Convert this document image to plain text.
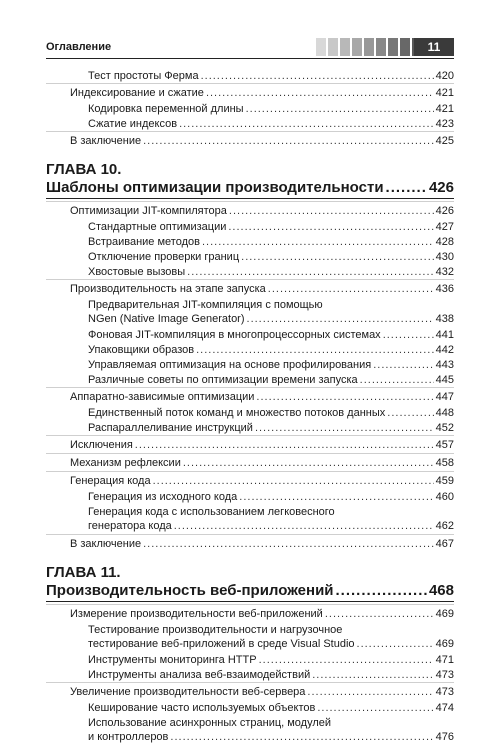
Оглавление	11
Тест простоты Ферма .....	420
Индексирование и сжатие .....	421
Кодировка переменной длины .....	421
Сжатие индексов .....	423
В заключение .....	425
ГЛАВА 10.
Шаблоны оптимизации производительности .....	426
Оптимизации JIT-компилятора .....	426
Стандартные оптимизации .....	427
Встраивание методов .....	428
Отключение проверки границ .....	430
Хвостовые вызовы .....	432
Производительность на этапе запуска .....	436
Предварительная JIT-компиляция с помощью
NGen (Native Image Generator) .....	438
Фоновая JIT-компиляция в многопроцессорных системах .....	441
Упаковщики образов .....	442
Управляемая оптимизация на основе профилирования .....	443
Различные советы по оптимизации времени запуска .....	445
Аппаратно-зависимые оптимизации .....	447
Единственный поток команд и множество потоков данных .....	448
Распараллеливание инструкций .....	452
Исключения .....	457
Механизм рефлексии .....	458
Генерация кода .....	459
Генерация из исходного кода .....	460
Генерация кода с использованием легковесного
генератора кода .....	462
В заключение .....	467
ГЛАВА 11.
Производительность веб-приложений .....	468
Измерение производительности веб-приложений .....	469
Тестирование производительности и нагрузочное
тестирование веб-приложений в среде Visual Studio .....	469
Инструменты мониторинга HTTP .....	471
Инструменты анализа веб-взаимодействий .....	473
Увеличение производительности веб-сервера .....	473
Кеширование часто используемых объектов .....	474
Использование асинхронных страниц, модулей
и контроллеров .....	476
